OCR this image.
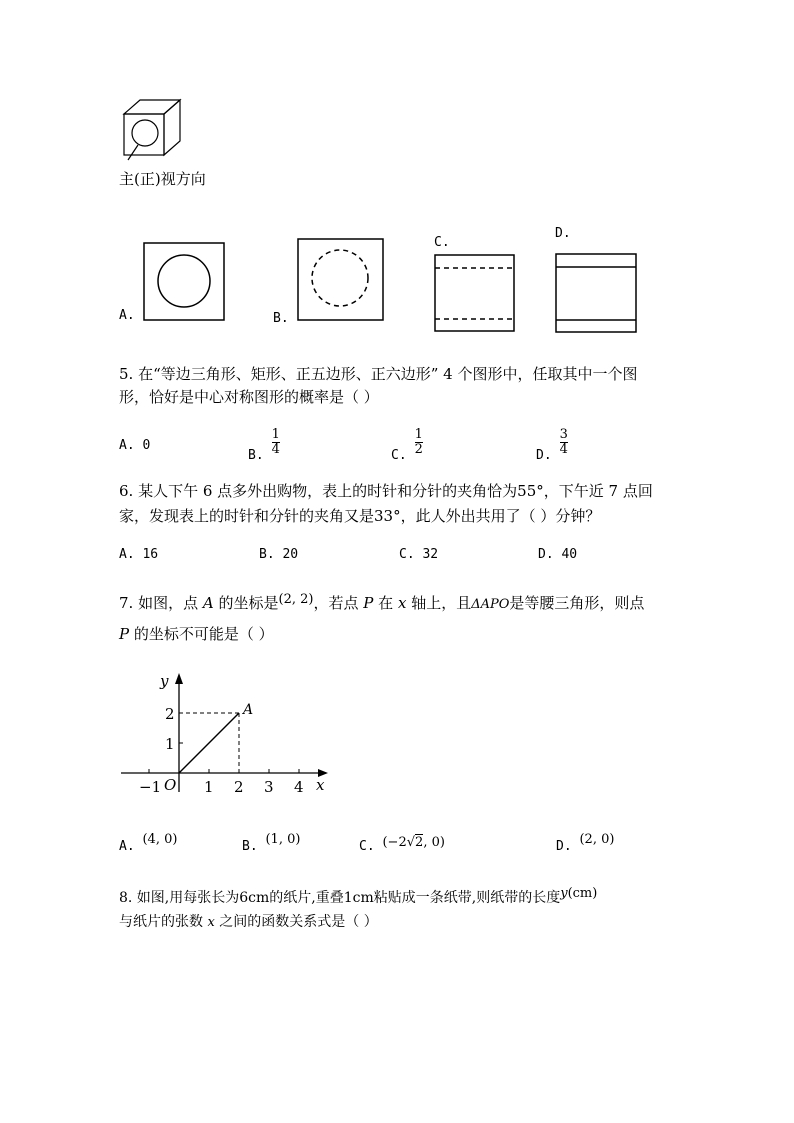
主(正)视方向
A.	B.
C.
D.
5. 在“等边三角形、矩形、正五边形、正六边形” 4 个图形中，任取其中一个图
形，恰好是中心对称图形的概率是（ ）
A. 0
B. $\frac{1}{4}$	C. $\frac{1}{2}$	D. $\frac{3}{4}$
6. 某人下午 6 点多外出购物，表上的时针和分针的夹角恰为55°，下午近 7 点回
家，发现表上的时针和分针的夹角又是33°，此人外出共用了（ ）分钟？
A. 16	B. 20	C. 32	D. 40
7. 如图，点 A 的坐标是(2, 2)，若点 P 在 x 轴上，且ΔAPO是等腰三角形，则点
P 的坐标不可能是（ ）
y
x
O
A
−1	1 2 3 4
1
2
A. (4, 0)	B. (1, 0)	C. (−2√2, 0)	D. (2, 0)
8. 如图,用每张长为6cm的纸片,重叠1cm粘贴成一条纸带,则纸带的长度y(cm)
与纸片的张数 x 之间的函数关系式是（ ）
